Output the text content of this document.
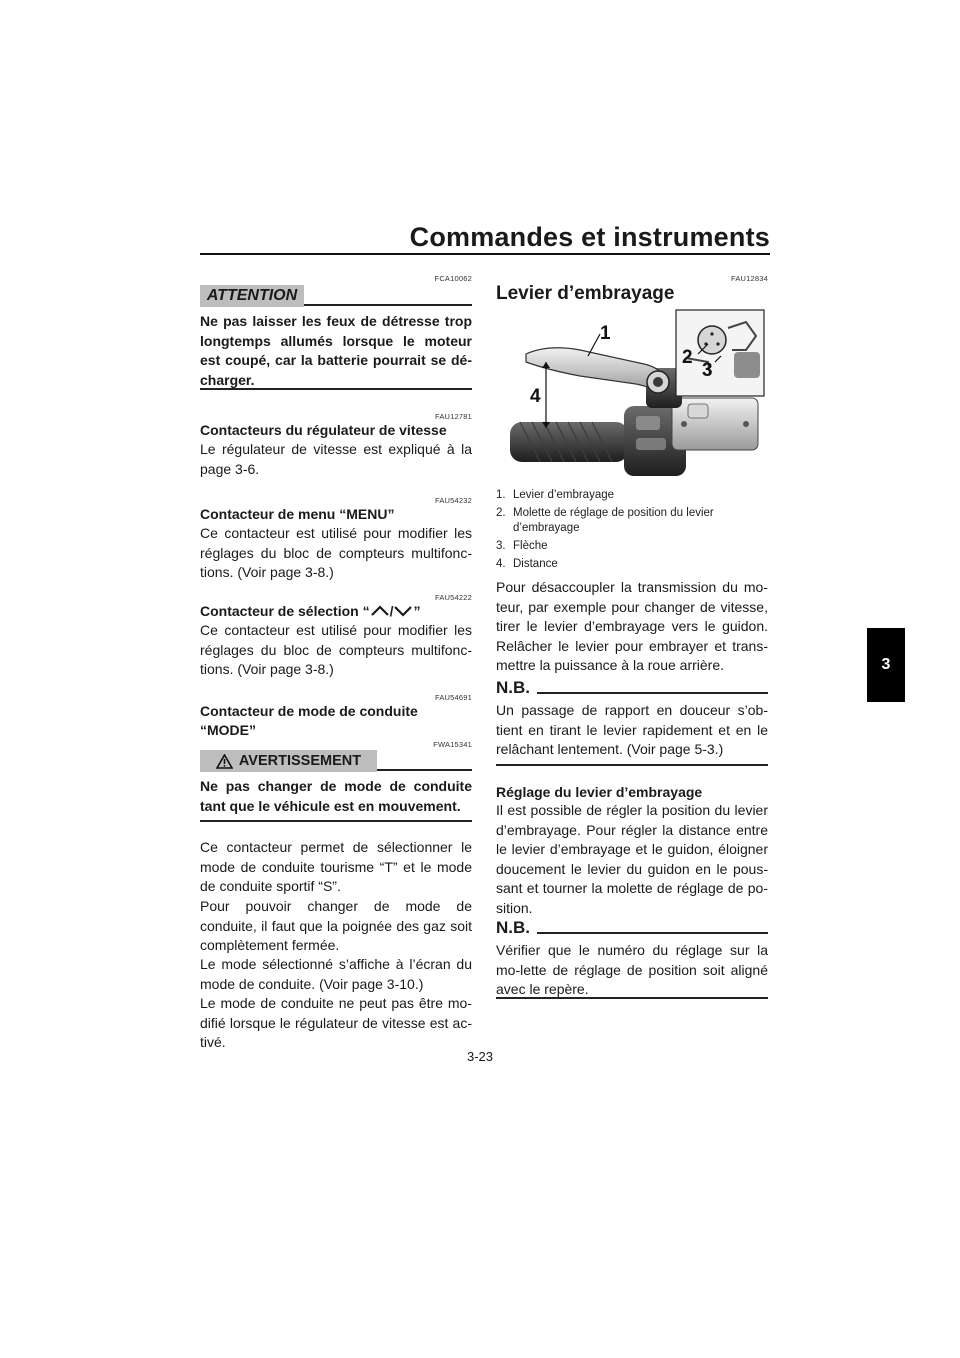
Commandes et instruments
3
FCA10062
ATTENTION
Ne pas laisser les feux de détresse trop longtemps allumés lorsque le moteur est coupé, car la batterie pourrait se dé-charger.
FAU12781
Contacteurs du régulateur de vitesse
Le régulateur de vitesse est expliqué à la page 3-6.
FAU54232
Contacteur de menu “MENU”
Ce contacteur est utilisé pour modifier les réglages du bloc de compteurs multifonc-tions. (Voir page 3-8.)
FAU54222
Contacteur de sélection “ / ”
Ce contacteur est utilisé pour modifier les réglages du bloc de compteurs multifonc-tions. (Voir page 3-8.)
FAU54691
Contacteur de mode de conduite
“MODE”
FWA15341
AVERTISSEMENT
Ne pas changer de mode de conduite tant que le véhicule est en mouvement.
Ce contacteur permet de sélectionner le mode de conduite tourisme “T” et le mode de conduite sportif “S”.
Pour pouvoir changer de mode de conduite, il faut que la poignée des gaz soit complètement fermée.
Le mode sélectionné s’affiche à l’écran du mode de conduite. (Voir page 3-10.)
Le mode de conduite ne peut pas être mo-difié lorsque le régulateur de vitesse est ac-tivé.
FAU12834
Levier d’embrayage
1
2
3
4
1. Levier d’embrayage
2. Molette de réglage de position du levier d’embrayage
3. Flèche
4. Distance
Pour désaccoupler la transmission du mo-teur, par exemple pour changer de vitesse, tirer le levier d’embrayage vers le guidon. Relâcher le levier pour embrayer et trans-mettre la puissance à la roue arrière.
N.B.
Un passage de rapport en douceur s’ob-tient en tirant le levier rapidement et en le relâchant lentement. (Voir page 5-3.)
Réglage du levier d’embrayage
Il est possible de régler la position du levier d’embrayage. Pour régler la distance entre le levier d’embrayage et le guidon, éloigner doucement le levier du guidon en le pous-sant et tourner la molette de réglage de po-sition.
N.B.
Vérifier que le numéro du réglage sur la mo-lette de réglage de position soit aligné avec le repère.
3-23
